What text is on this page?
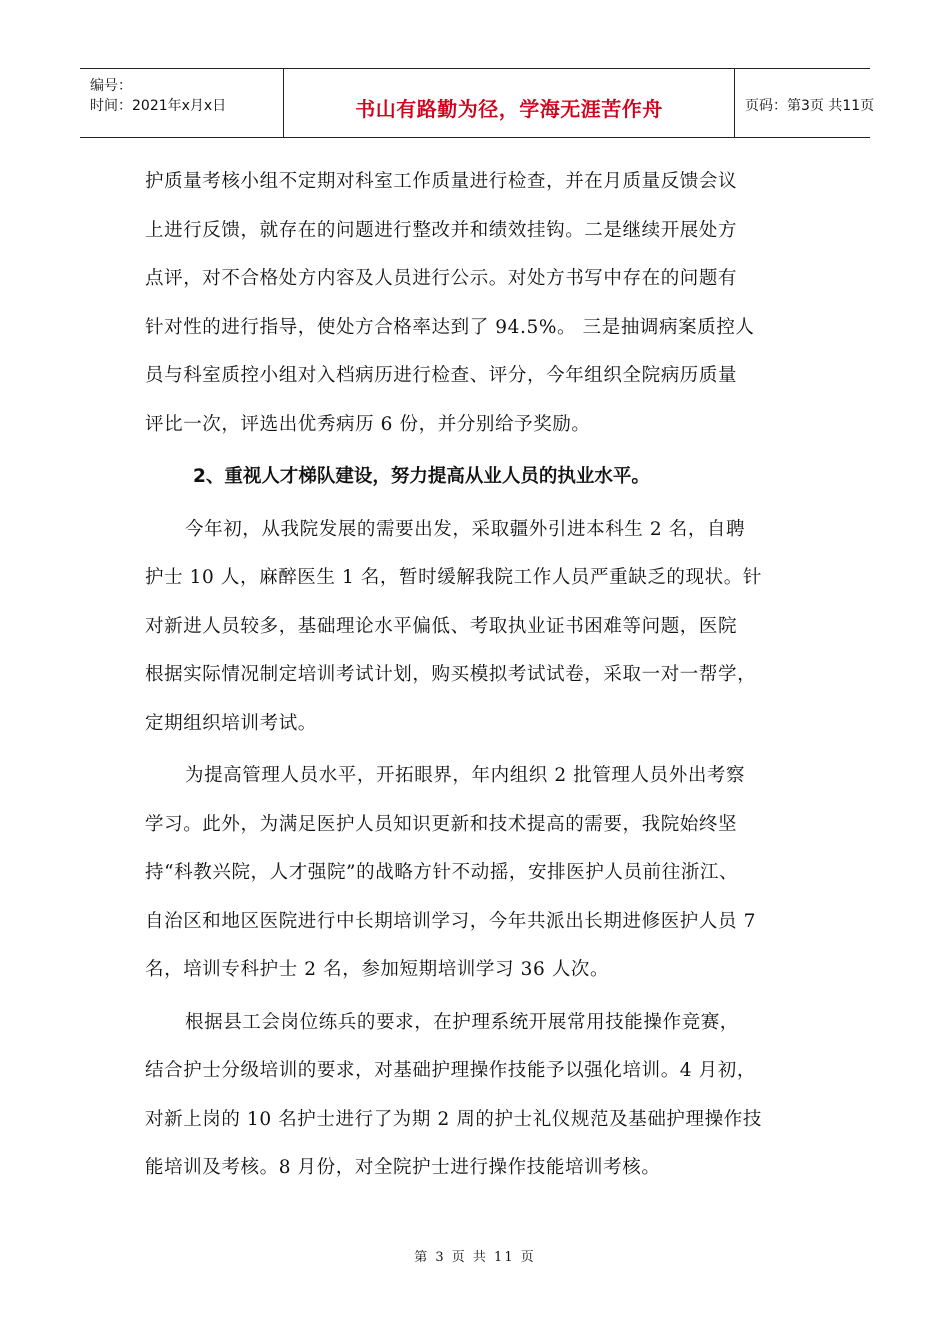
编号：
时间：2021年x月x日	书山有路勤为径，学海无涯苦作舟	页码：第3页 共11页
护质量考核小组不定期对科室工作质量进行检查，并在月质量反馈会议
上进行反馈，就存在的问题进行整改并和绩效挂钩。二是继续开展处方
点评，对不合格处方内容及人员进行公示。对处方书写中存在的问题有
针对性的进行指导，使处方合格率达到了 94.5%。 三是抽调病案质控人
员与科室质控小组对入档病历进行检查、评分，今年组织全院病历质量
评比一次，评选出优秀病历 6 份，并分别给予奖励。
2、重视人才梯队建设，努力提高从业人员的执业水平。
今年初，从我院发展的需要出发，采取疆外引进本科生 2 名，自聘
护士 10 人，麻醉医生 1 名，暂时缓解我院工作人员严重缺乏的现状。针
对新进人员较多，基础理论水平偏低、考取执业证书困难等问题，医院
根据实际情况制定培训考试计划，购买模拟考试试卷，采取一对一帮学，
定期组织培训考试。
为提高管理人员水平，开拓眼界，年内组织 2 批管理人员外出考察
学习。此外，为满足医护人员知识更新和技术提高的需要，我院始终坚
持“科教兴院，人才强院”的战略方针不动摇，安排医护人员前往浙江、
自治区和地区医院进行中长期培训学习，今年共派出长期进修医护人员 7
名，培训专科护士 2 名，参加短期培训学习 36 人次。
根据县工会岗位练兵的要求，在护理系统开展常用技能操作竞赛，
结合护士分级培训的要求，对基础护理操作技能予以强化培训。4 月初，
对新上岗的 10 名护士进行了为期 2 周的护士礼仪规范及基础护理操作技
能培训及考核。8 月份，对全院护士进行操作技能培训考核。
第 3 页 共 11 页
